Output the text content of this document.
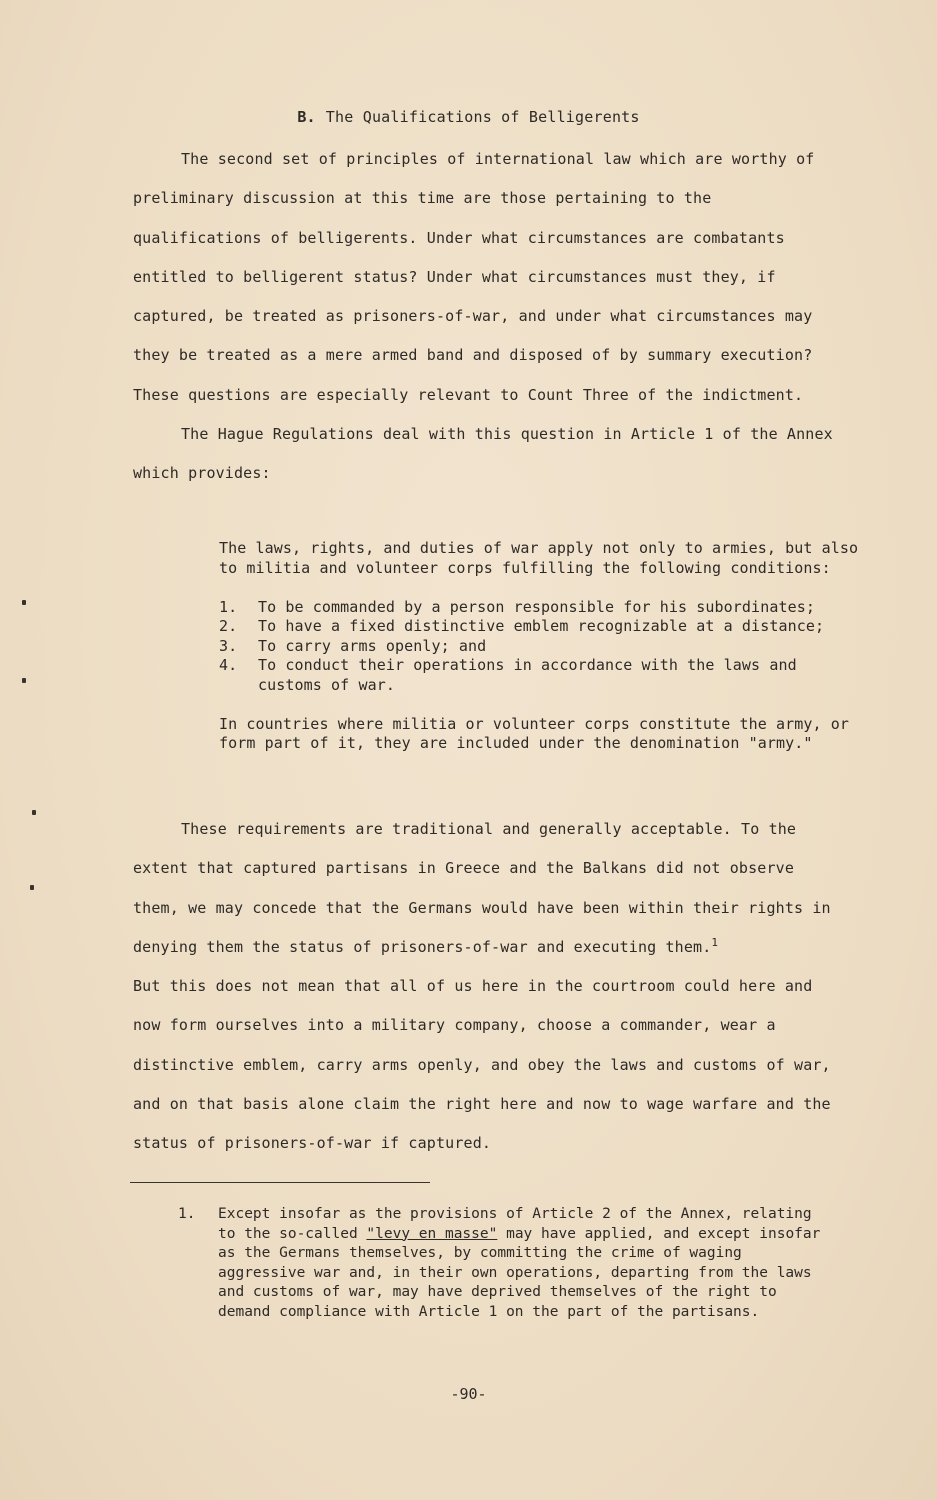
B. The Qualifications of Belligerents

The second set of principles of international law which are worthy of preliminary discussion at this time are those pertaining to the qualifications of belligerents. Under what circumstances are combatants entitled to belligerent status? Under what circumstances must they, if captured, be treated as prisoners-of-war, and under what circumstances may they be treated as a mere armed band and disposed of by summary execution? These questions are especially relevant to Count Three of the indictment.

The Hague Regulations deal with this question in Article 1 of the Annex which provides:

The laws, rights, and duties of war apply not only to armies, but also to militia and volunteer corps fulfilling the following conditions:

1.	To be commanded by a person responsible for his subordinates;
2.	To have a fixed distinctive emblem recognizable at a distance;
3.	To carry arms openly; and
4.	To conduct their operations in accordance with the laws and customs of war.

In countries where militia or volunteer corps constitute the army, or form part of it, they are included under the denomination "army."

These requirements are traditional and generally acceptable. To the extent that captured partisans in Greece and the Balkans did not observe them, we may concede that the Germans would have been within their rights in denying them the status of prisoners-of-war and executing them.$^1$

But this does not mean that all of us here in the courtroom could here and now form ourselves into a military company, choose a commander, wear a distinctive emblem, carry arms openly, and obey the laws and customs of war, and on that basis alone claim the right here and now to wage warfare and the status of prisoners-of-war if captured.

1.	Except insofar as the provisions of Article 2 of the Annex, relating to the so-called "levy en masse" may have applied, and except insofar as the Germans themselves, by committing the crime of waging aggressive war and, in their own operations, departing from the laws and customs of war, may have deprived themselves of the right to demand compliance with Article 1 on the part of the partisans.
-90-
